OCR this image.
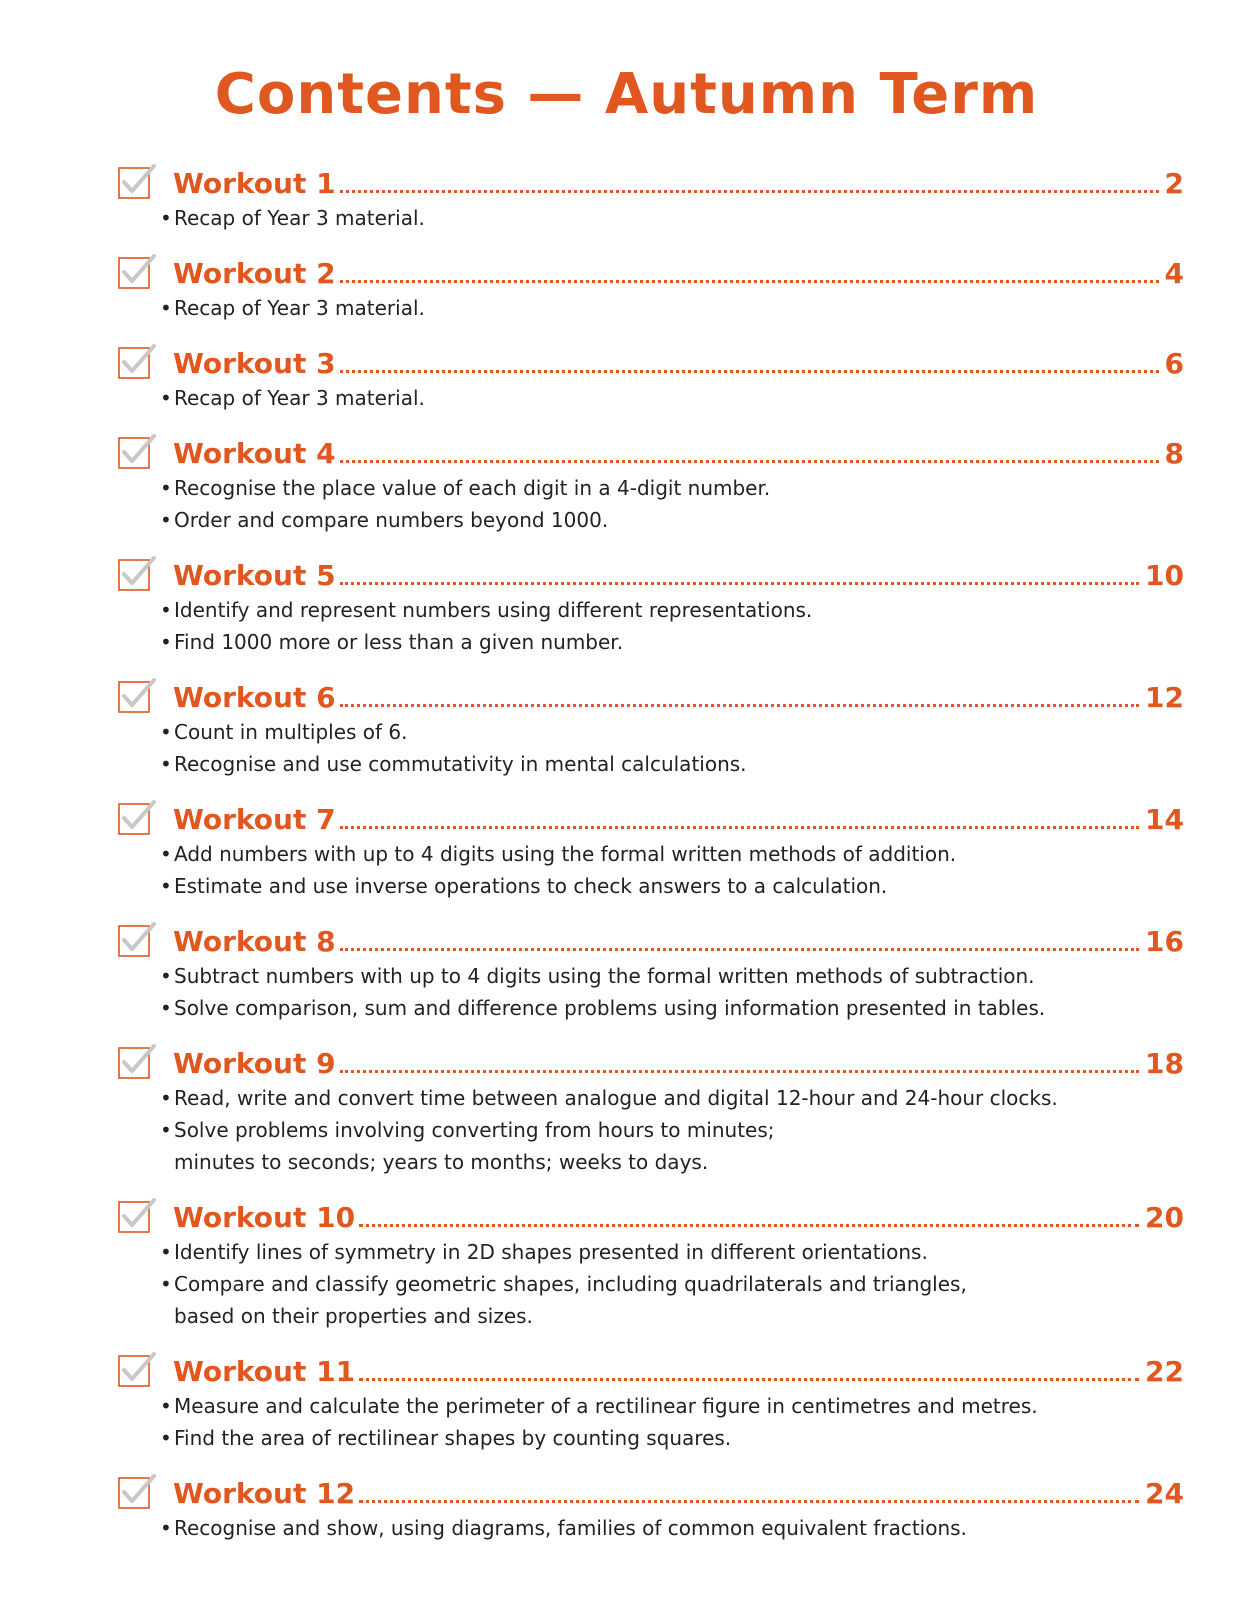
Contents — Autumn Term
Workout 1	2
• Recap of Year 3 material.
Workout 2	4
• Recap of Year 3 material.
Workout 3	6
• Recap of Year 3 material.
Workout 4	8
• Recognise the place value of each digit in a 4-digit number.
• Order and compare numbers beyond 1000.
Workout 5	10
• Identify and represent numbers using different representations.
• Find 1000 more or less than a given number.
Workout 6	12
• Count in multiples of 6.
• Recognise and use commutativity in mental calculations.
Workout 7	14
• Add numbers with up to 4 digits using the formal written methods of addition.
• Estimate and use inverse operations to check answers to a calculation.
Workout 8	16
• Subtract numbers with up to 4 digits using the formal written methods of subtraction.
• Solve comparison, sum and difference problems using information presented in tables.
Workout 9	18
• Read, write and convert time between analogue and digital 12-hour and 24-hour clocks.
• Solve problems involving converting from hours to minutes;
minutes to seconds; years to months; weeks to days.
Workout 10	20
• Identify lines of symmetry in 2D shapes presented in different orientations.
• Compare and classify geometric shapes, including quadrilaterals and triangles,
based on their properties and sizes.
Workout 11	22
• Measure and calculate the perimeter of a rectilinear figure in centimetres and metres.
• Find the area of rectilinear shapes by counting squares.
Workout 12	24
• Recognise and show, using diagrams, families of common equivalent fractions.
